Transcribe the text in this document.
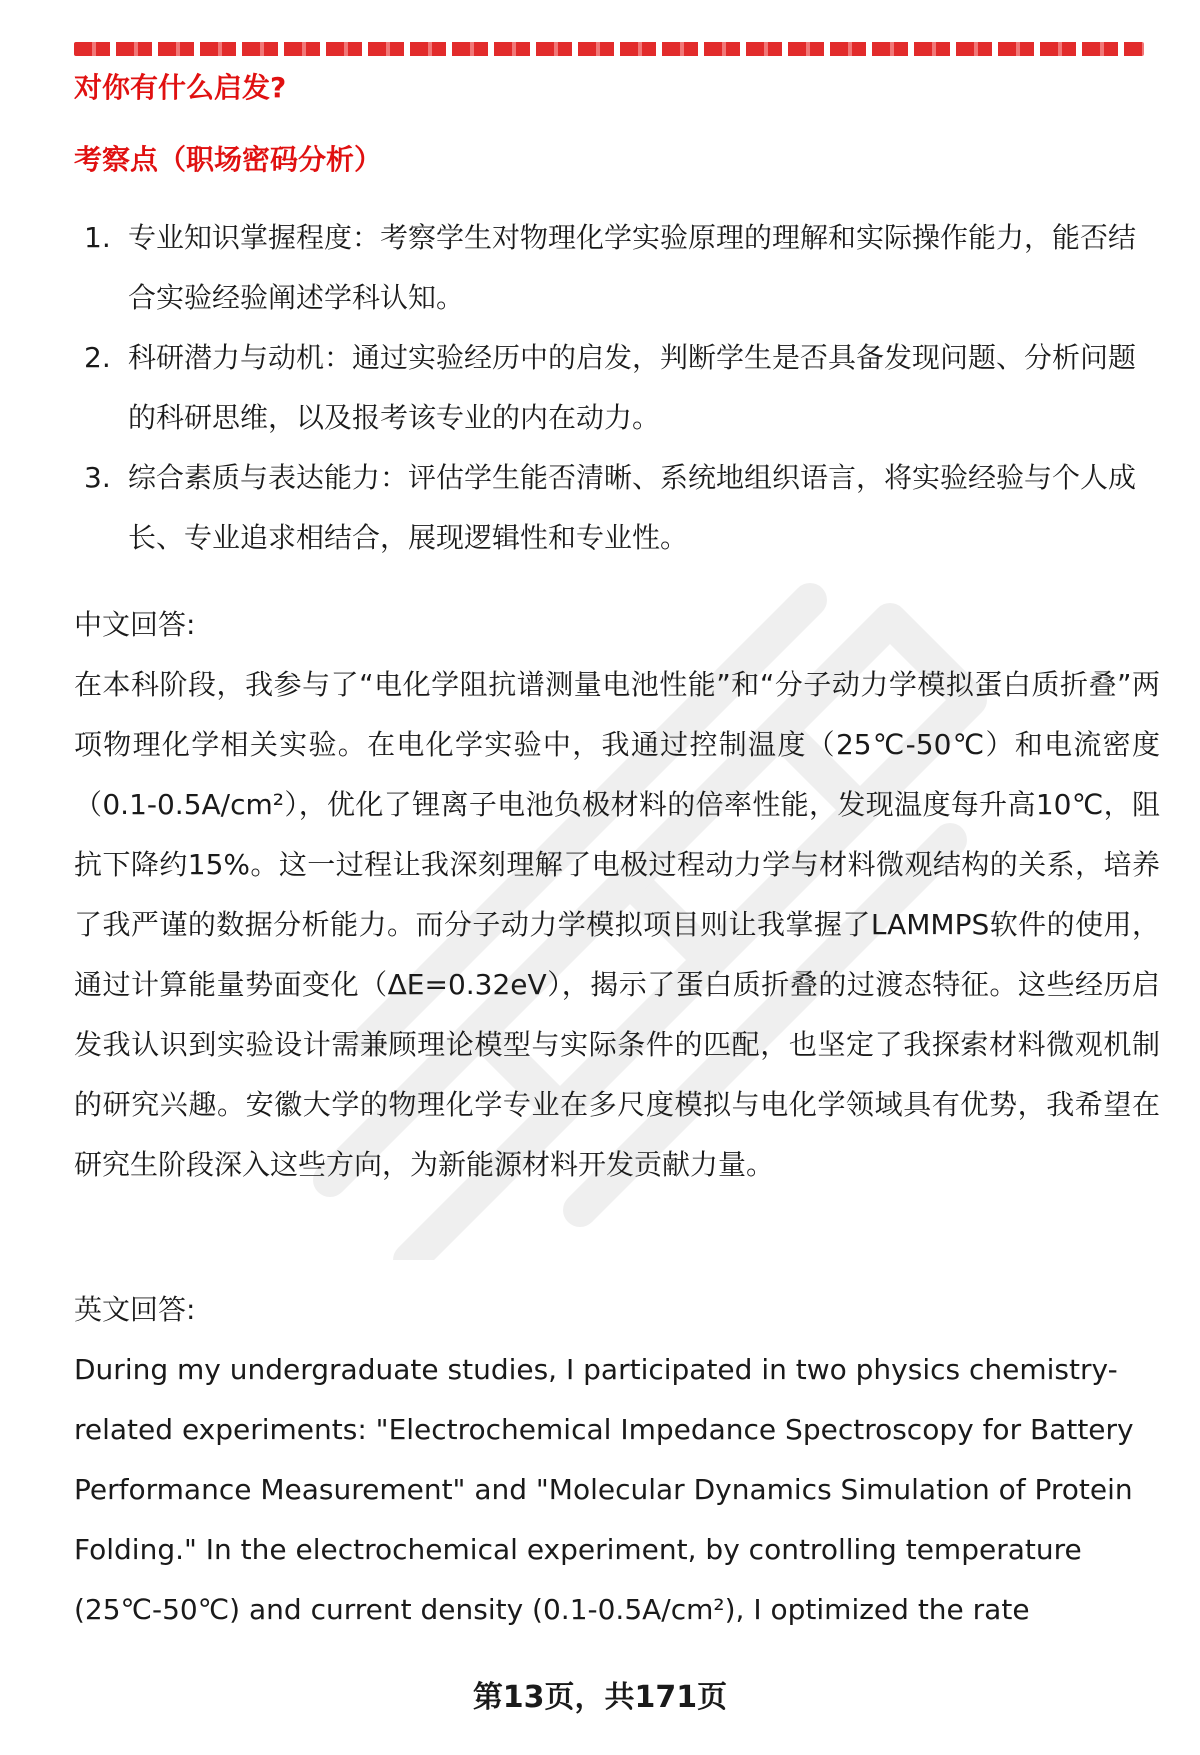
对你有什么启发?
考察点（职场密码分析）
1. 专业知识掌握程度：考察学生对物理化学实验原理的理解和实际操作能力，能否结合实验经验阐述学科认知。
2. 科研潜力与动机：通过实验经历中的启发，判断学生是否具备发现问题、分析问题的科研思维，以及报考该专业的内在动力。
3. 综合素质与表达能力：评估学生能否清晰、系统地组织语言，将实验经验与个人成长、专业追求相结合，展现逻辑性和专业性。
中文回答:
在本科阶段，我参与了“电化学阻抗谱测量电池性能”和“分子动力学模拟蛋白质折叠”两项物理化学相关实验。在电化学实验中，我通过控制温度（25℃-50℃）和电流密度（0.1-0.5A/cm²），优化了锂离子电池负极材料的倍率性能，发现温度每升高10℃，阻抗下降约15%。这一过程让我深刻理解了电极过程动力学与材料微观结构的关系，培养了我严谨的数据分析能力。而分子动力学模拟项目则让我掌握了LAMMPS软件的使用，通过计算能量势面变化（ΔE=0.32eV），揭示了蛋白质折叠的过渡态特征。这些经历启发我认识到实验设计需兼顾理论模型与实际条件的匹配，也坚定了我探索材料微观机制的研究兴趣。安徽大学的物理化学专业在多尺度模拟与电化学领域具有优势，我希望在研究生阶段深入这些方向，为新能源材料开发贡献力量。
英文回答:
During my undergraduate studies, I participated in two physics chemistry-related experiments: "Electrochemical Impedance Spectroscopy for Battery Performance Measurement" and "Molecular Dynamics Simulation of Protein Folding." In the electrochemical experiment, by controlling temperature (25℃-50℃) and current density (0.1-0.5A/cm²), I optimized the rate
第13页，共171页
